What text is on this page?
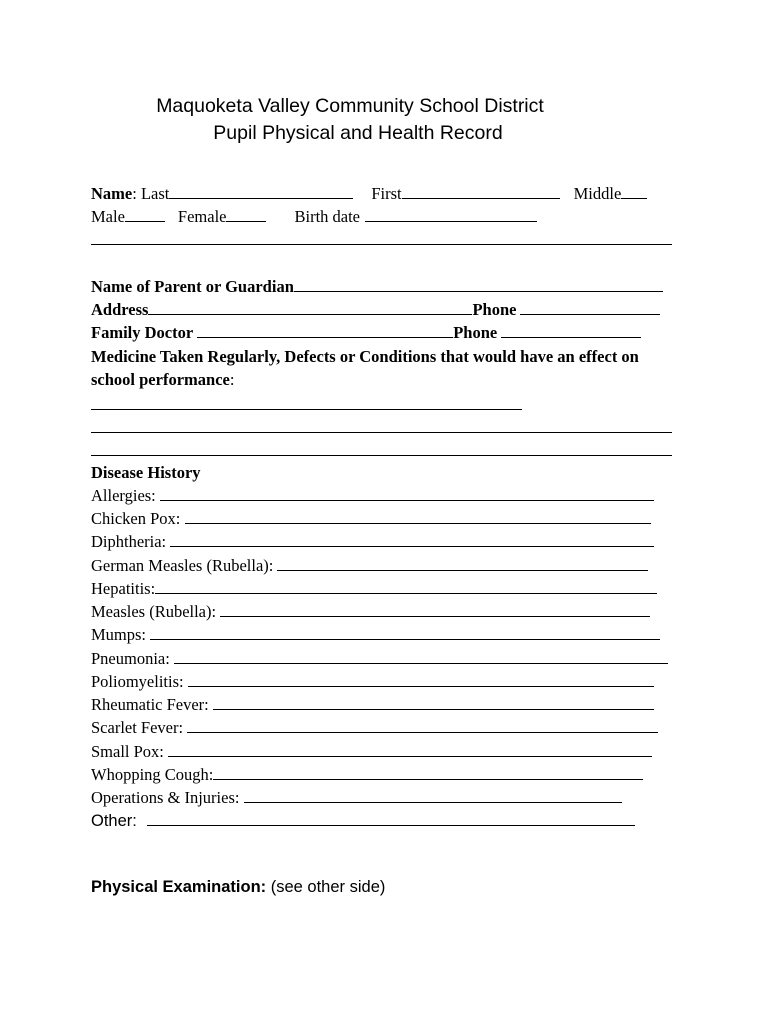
Maquoketa Valley Community School District
Pupil Physical and Health Record
Name: Last	First	Middle
Male	Female	Birth date
Name of Parent or Guardian
Address	Phone
Family Doctor	Phone
Medicine Taken Regularly, Defects or Conditions that would have an effect on
school performance:
Disease History
Allergies:
Chicken Pox:
Diphtheria:
German Measles (Rubella):
Hepatitis:
Measles (Rubella):
Mumps:
Pneumonia:
Poliomyelitis:
Rheumatic Fever:
Scarlet Fever:
Small Pox:
Whopping Cough:
Operations & Injuries:
Other:
Physical Examination: (see other side)
